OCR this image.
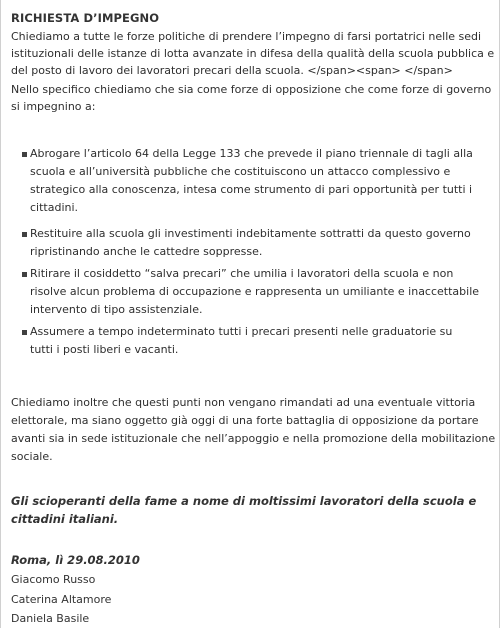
RICHIESTA D’IMPEGNO
Chiediamo a tutte le forze politiche di prendere l’impegno di farsi portatrici nelle sedi
istituzionali delle istanze di lotta avanzate in difesa della qualità della scuola pubblica e
del posto di lavoro dei lavoratori precari della scuola. </span><span> </span>
Nello specifico chiediamo che sia come forze di opposizione che come forze di governo
si impegnino a:
Abrogare l’articolo 64 della Legge 133 che prevede il piano triennale di tagli alla
scuola e all’università pubbliche che costituiscono un attacco complessivo e
strategico alla conoscenza, intesa come strumento di pari opportunità per tutti i
cittadini.
Restituire alla scuola gli investimenti indebitamente sottratti da questo governo
ripristinando anche le cattedre soppresse.
Ritirare il cosiddetto “salva precari” che umilia i lavoratori della scuola e non
risolve alcun problema di occupazione e rappresenta un umiliante e inaccettabile
intervento di tipo assistenziale.
Assumere a tempo indeterminato tutti i precari presenti nelle graduatorie su
tutti i posti liberi e vacanti.
Chiediamo inoltre che questi punti non vengano rimandati ad una eventuale vittoria
elettorale, ma siano oggetto già oggi di una forte battaglia di opposizione da portare
avanti sia in sede istituzionale che nell’appoggio e nella promozione della mobilitazione
sociale.
Gli scioperanti della fame a nome di moltissimi lavoratori della scuola e
cittadini italiani.
Roma, lì 29.08.2010
Giacomo Russo
Caterina Altamore
Daniela Basile
